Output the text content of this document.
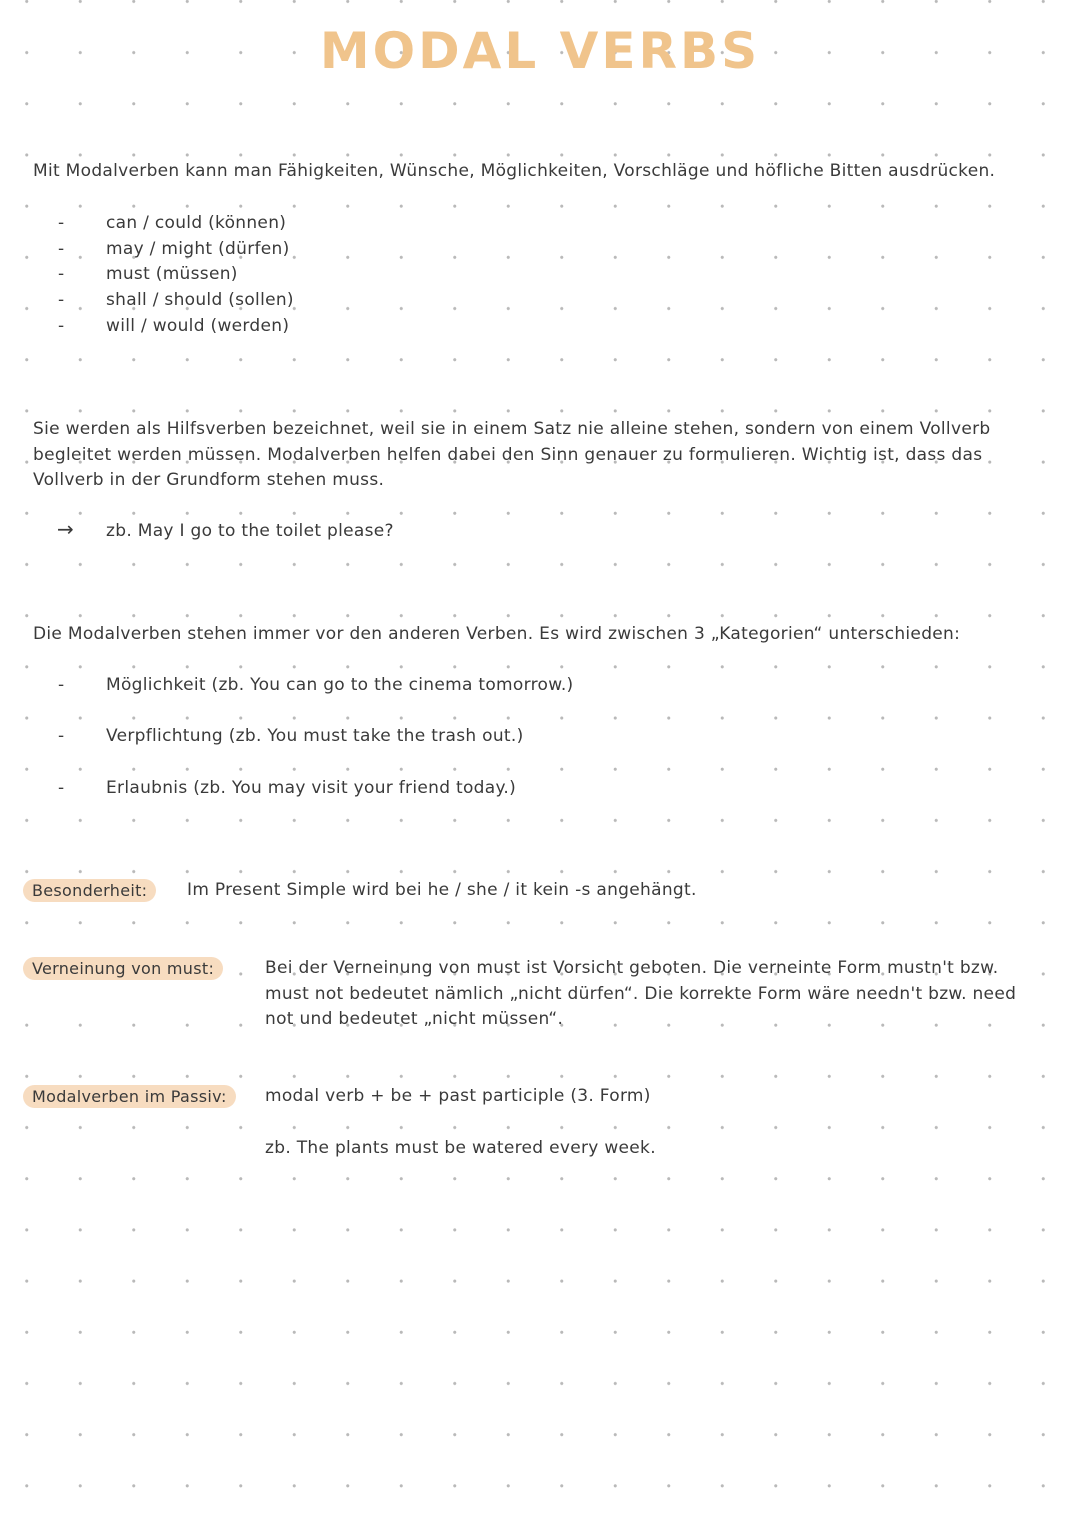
MODAL VERBS
Mit Modalverben kann man Fähigkeiten, Wünsche, Möglichkeiten, Vorschläge und höfliche Bitten ausdrücken.
- can / could (können)
- may / might (dürfen)
- must (müssen)
- shall / should (sollen)
- will / would (werden)
Sie werden als Hilfsverben bezeichnet, weil sie in einem Satz nie alleine stehen, sondern von einem Vollverb begleitet werden müssen. Modalverben helfen dabei den Sinn genauer zu formulieren. Wichtig ist, dass das Vollverb in der Grundform stehen muss.
→ zb. May I go to the toilet please?
Die Modalverben stehen immer vor den anderen Verben. Es wird zwischen 3 „Kategorien“ unterschieden:
- Möglichkeit (zb. You can go to the cinema tomorrow.)
- Verpflichtung (zb. You must take the trash out.)
- Erlaubnis (zb. You may visit your friend today.)
Besonderheit:	Im Present Simple wird bei he / she / it kein -s angehängt.
Verneinung von must:	Bei der Verneinung von must ist Vorsicht geboten. Die verneinte Form mustn't bzw. must not bedeutet nämlich „nicht dürfen“. Die korrekte Form wäre needn't bzw. need not und bedeutet „nicht müssen“.
Modalverben im Passiv:	modal verb + be + past participle (3. Form)
zb. The plants must be watered every week.
